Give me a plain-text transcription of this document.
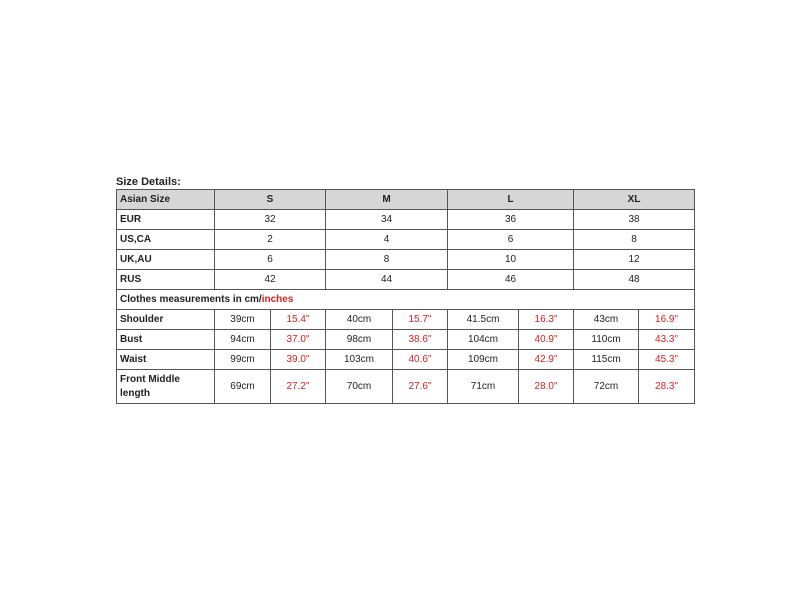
Size Details:
Asian Size	S		M		L		XL	
EUR	32		34		36		38	
US,CA	2		4		6		8	
UK,AU	6		8		10		12	
RUS	42		44		46		48	
Clothes measurements in cm/inches								
Shoulder	39cm	15.4"	40cm	15.7"	41.5cm	16.3"	43cm	16.9"
Bust	94cm	37.0"	98cm	38.6"	104cm	40.9"	110cm	43.3"
Waist	99cm	39.0"	103cm	40.6"	109cm	42.9"	115cm	45.3"
Front Middle length	69cm	27.2"	70cm	27.6"	71cm	28.0"	72cm	28.3"
